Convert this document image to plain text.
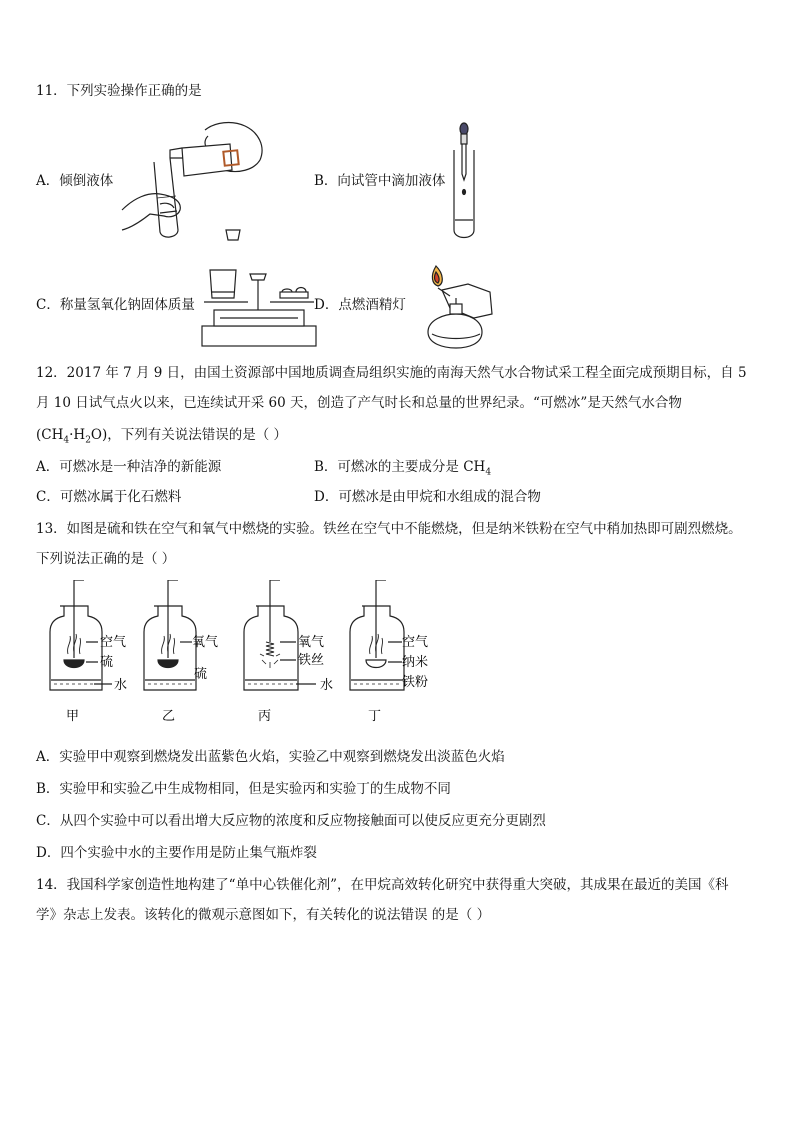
11．下列实验操作正确的是
A．倾倒液体	B．向试管中滴加液体
C．称量氢氧化钠固体质量	D．点燃酒精灯
12．2017 年 7 月 9 日，由国土资源部中国地质调查局组织实施的南海天然气水合物试采工程全面完成预期目标，自 5
月 10 日试气点火以来，已连续试开采 60 天，创造了产气时长和总量的世界纪录。“可燃冰”是天然气水合物
$(CH_4\cdot H_2O)$，下列有关说法错误的是（ ）
A．可燃冰是一种洁净的新能源	B．可燃冰的主要成分是 $CH_4$
C．可燃冰属于化石燃料	D．可燃冰是由甲烷和水组成的混合物
13．如图是硫和铁在空气和氧气中燃烧的实验。铁丝在空气中不能燃烧，但是纳米铁粉在空气中稍加热即可剧烈燃烧。
下列说法正确的是（ ）
空气
硫
水
甲
氧气
硫
乙
氧气
铁丝
水
丙
空气
纳米
铁粉
丁
A．实验甲中观察到燃烧发出蓝紫色火焰，实验乙中观察到燃烧发出淡蓝色火焰
B．实验甲和实验乙中生成物相同，但是实验丙和实验丁的生成物不同
C．从四个实验中可以看出增大反应物的浓度和反应物接触面可以使反应更充分更剧烈
D．四个实验中水的主要作用是防止集气瓶炸裂
14．我国科学家创造性地构建了“单中心铁催化剂”，在甲烷高效转化研究中获得重大突破，其成果在最近的美国《科
学》杂志上发表。该转化的微观示意图如下，有关转化的说法错误 的是（ ）
